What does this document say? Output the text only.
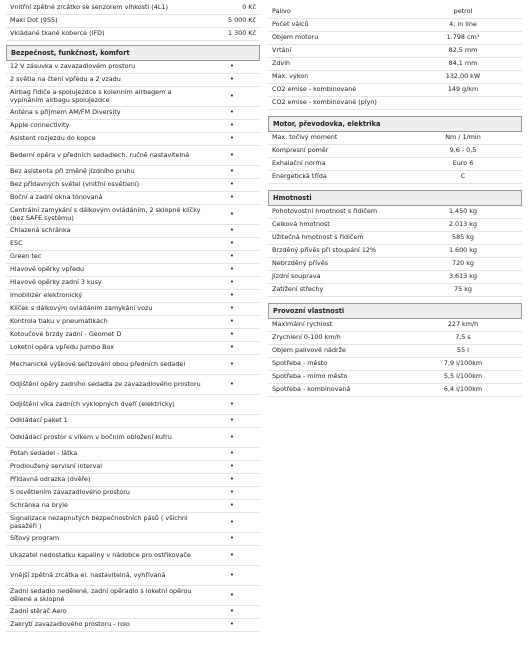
Vnitřní zpětné zrcátko se senzorem vlhkosti (4L1)	0 Kč
Maxi Dot (9S5)	5 000 Kč
Vkládané tkané koberce (IFD)	1 300 Kč
Bezpečnost, funkčnost, komfort
12 V zásuvka v zavazadlovém prostoru	•
2 světla na čtení vpředu a 2 vzadu	•
Airbag řidiče a spolujezdce s kolenním airbagem a vypínáním airbagu spolujezdce	•
Anténa s příjmem AM/FM Diversity	•
Apple connectivity	•
Asistent rozjezdu do kopce	•
Bederní opěra v předních sedadlech, ručně nastavitelná	•
Bez asistenta při změně jízdního pruhu	•
Bez přídavných světel (vnitřní osvětlení)	•
Boční a zadní okna tónovaná	•
Centrální zamykání s dálkovým ovládáním, 2 sklopné klíčky (bez SAFE systému)	•
Chlazená schránka	•
ESC	•
Green tec	•
Hlavové opěrky vpředu	•
Hlavové opěrky zadní 3 kusy	•
Imobilizér elektronický	•
Klíček s dálkovým ovládáním zamykání vozu	•
Kontrola tlaku v pneumatikách	•
Kotoučové brzdy zadní - Geomet D	•
Loketní opěra vpředu Jumbo Box	•
Mechanické výškové seřizování obou předních sedadel	•
Odjištění opěry zadního sedadla ze zavazadlového prostoru	•
Odjištění víka zadních výklopných dveří (elektricky)	•
Odkládací paket 1	•
Odkládací prostor s víkem v bočním obložení kufru	•
Potah sedadel - látka	•
Prodloužený servisní interval	•
Přídavná odrazka (dvěře)	•
S osvětlením zavazadlového prostoru	•
Schránka na brýle	•
Signalizace nezapnutých bezpečnostních pásů ( všichni pasažéři )	•
Síťový program	•
Ukazatel nedostatku kapaliny v nádobce pro ostřikovače	•
Vnější zpětná zrcátka el. nastavitelná, vyhřívaná	•
Zadní sedadlo nedělené, zadní opěradlo s loketní opěrou dělené a sklopné	•
Zadní stěrač Aero	•
Zakrytí zavazadlového prostoru - rolo	•
Palivo	petrol
Počet válců	4; in line
Objem motoru	1.798 cm³
Vrtání	82,5 mm
Zdvih	84,1 mm
Max. výkon	132,00 kW
CO2 emise - kombinované	149 g/km
CO2 emise - kombinované (plyn)
Motor, převodovka, elektrika
Max. točivý moment	Nm / 1/min
Kompresní poměr	9,6 - 0,5
Exhalační norma	Euro 6
Energetická třída	C
Hmotnosti
Pohotovostní hmotnost s řidičem	1.450 kg
Celková hmotnost	2.013 kg
Užitečná hmotnost s řidičem	585 kg
Brzděný přívěs při stoupání 12%	1.600 kg
Nebrzděný přívěs	720 kg
Jízdní souprava	3.613 kg
Zatížení střechy	75 kg
Provozní vlastnosti
Maximální rychlost	227 km/h
Zrychlení 0-100 km/h	7,5 s
Objem palivové nádrže	55 l
Spotřeba - město	7,9 l/100km
Spotřeba - mimo město	5,5 l/100km
Spotřeba - kombinovaná	6,4 l/100km
